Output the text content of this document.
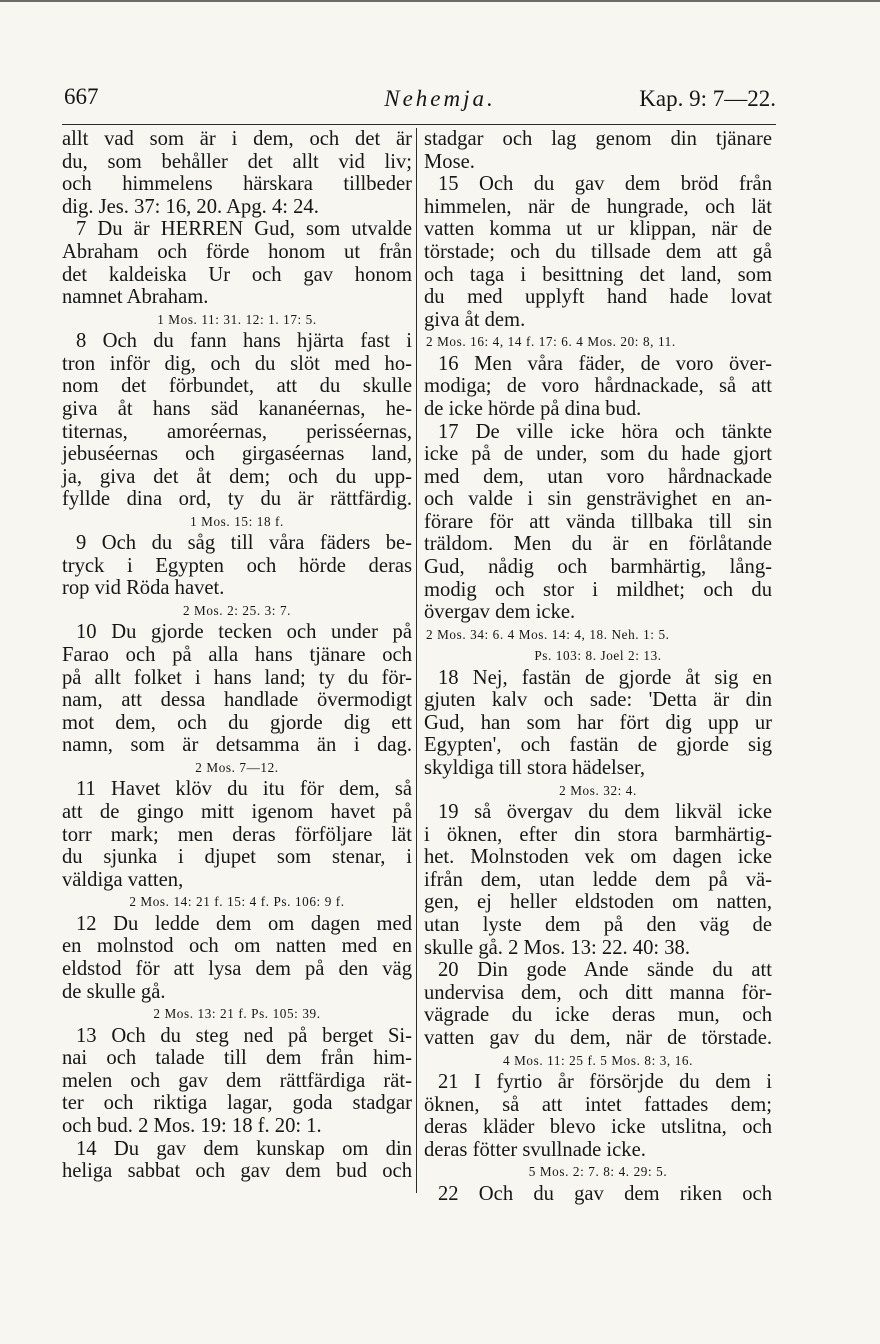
667	Nehemja.	Kap. 9: 7—22.
allt vad som är i dem, och det är
du, som behåller det allt vid liv;
och himmelens härskara tillbeder
dig. Jes. 37: 16, 20. Apg. 4: 24.
7 Du är HERREN Gud, som utvalde
Abraham och förde honom ut från
det kaldeiska Ur och gav honom
namnet Abraham.
1 Mos. 11: 31. 12: 1. 17: 5.
8 Och du fann hans hjärta fast i
tron inför dig, och du slöt med ho-
nom det förbundet, att du skulle
giva åt hans säd kananéernas, he-
titernas, amoréernas, perisséernas,
jebuséernas och girgaséernas land,
ja, giva det åt dem; och du upp-
fyllde dina ord, ty du är rättfärdig.
1 Mos. 15: 18 f.
9 Och du såg till våra fäders be-
tryck i Egypten och hörde deras
rop vid Röda havet.
2 Mos. 2: 25. 3: 7.
10 Du gjorde tecken och under på
Farao och på alla hans tjänare och
på allt folket i hans land; ty du för-
nam, att dessa handlade övermodigt
mot dem, och du gjorde dig ett
namn, som är detsamma än i dag.
2 Mos. 7—12.
11 Havet klöv du itu för dem, så
att de gingo mitt igenom havet på
torr mark; men deras förföljare lät
du sjunka i djupet som stenar, i
väldiga vatten,
2 Mos. 14: 21 f. 15: 4 f. Ps. 106: 9 f.
12 Du ledde dem om dagen med
en molnstod och om natten med en
eldstod för att lysa dem på den väg
de skulle gå.
2 Mos. 13: 21 f. Ps. 105: 39.
13 Och du steg ned på berget Si-
nai och talade till dem från him-
melen och gav dem rättfärdiga rät-
ter och riktiga lagar, goda stadgar
och bud. 2 Mos. 19: 18 f. 20: 1.
14 Du gav dem kunskap om din
heliga sabbat och gav dem bud och
stadgar och lag genom din tjänare
Mose.
15 Och du gav dem bröd från
himmelen, när de hungrade, och lät
vatten komma ut ur klippan, när de
törstade; och du tillsade dem att gå
och taga i besittning det land, som
du med upplyft hand hade lovat
giva åt dem.
2 Mos. 16: 4, 14 f. 17: 6. 4 Mos. 20: 8, 11.
16 Men våra fäder, de voro över-
modiga; de voro hårdnackade, så att
de icke hörde på dina bud.
17 De ville icke höra och tänkte
icke på de under, som du hade gjort
med dem, utan voro hårdnackade
och valde i sin gensträvighet en an-
förare för att vända tillbaka till sin
träldom. Men du är en förlåtande
Gud, nådig och barmhärtig, lång-
modig och stor i mildhet; och du
övergav dem icke.
2 Mos. 34: 6. 4 Mos. 14: 4, 18. Neh. 1: 5.
Ps. 103: 8. Joel 2: 13.
18 Nej, fastän de gjorde åt sig en
gjuten kalv och sade: 'Detta är din
Gud, han som har fört dig upp ur
Egypten', och fastän de gjorde sig
skyldiga till stora hädelser,
2 Mos. 32: 4.
19 så övergav du dem likväl icke
i öknen, efter din stora barmhärtig-
het. Molnstoden vek om dagen icke
ifrån dem, utan ledde dem på vä-
gen, ej heller eldstoden om natten,
utan lyste dem på den väg de
skulle gå. 2 Mos. 13: 22. 40: 38.
20 Din gode Ande sände du att
undervisa dem, och ditt manna för-
vägrade du icke deras mun, och
vatten gav du dem, när de törstade.
4 Mos. 11: 25 f. 5 Mos. 8: 3, 16.
21 I fyrtio år försörjde du dem i
öknen, så att intet fattades dem;
deras kläder blevo icke utslitna, och
deras fötter svullnade icke.
5 Mos. 2: 7. 8: 4. 29: 5.
22 Och du gav dem riken och
